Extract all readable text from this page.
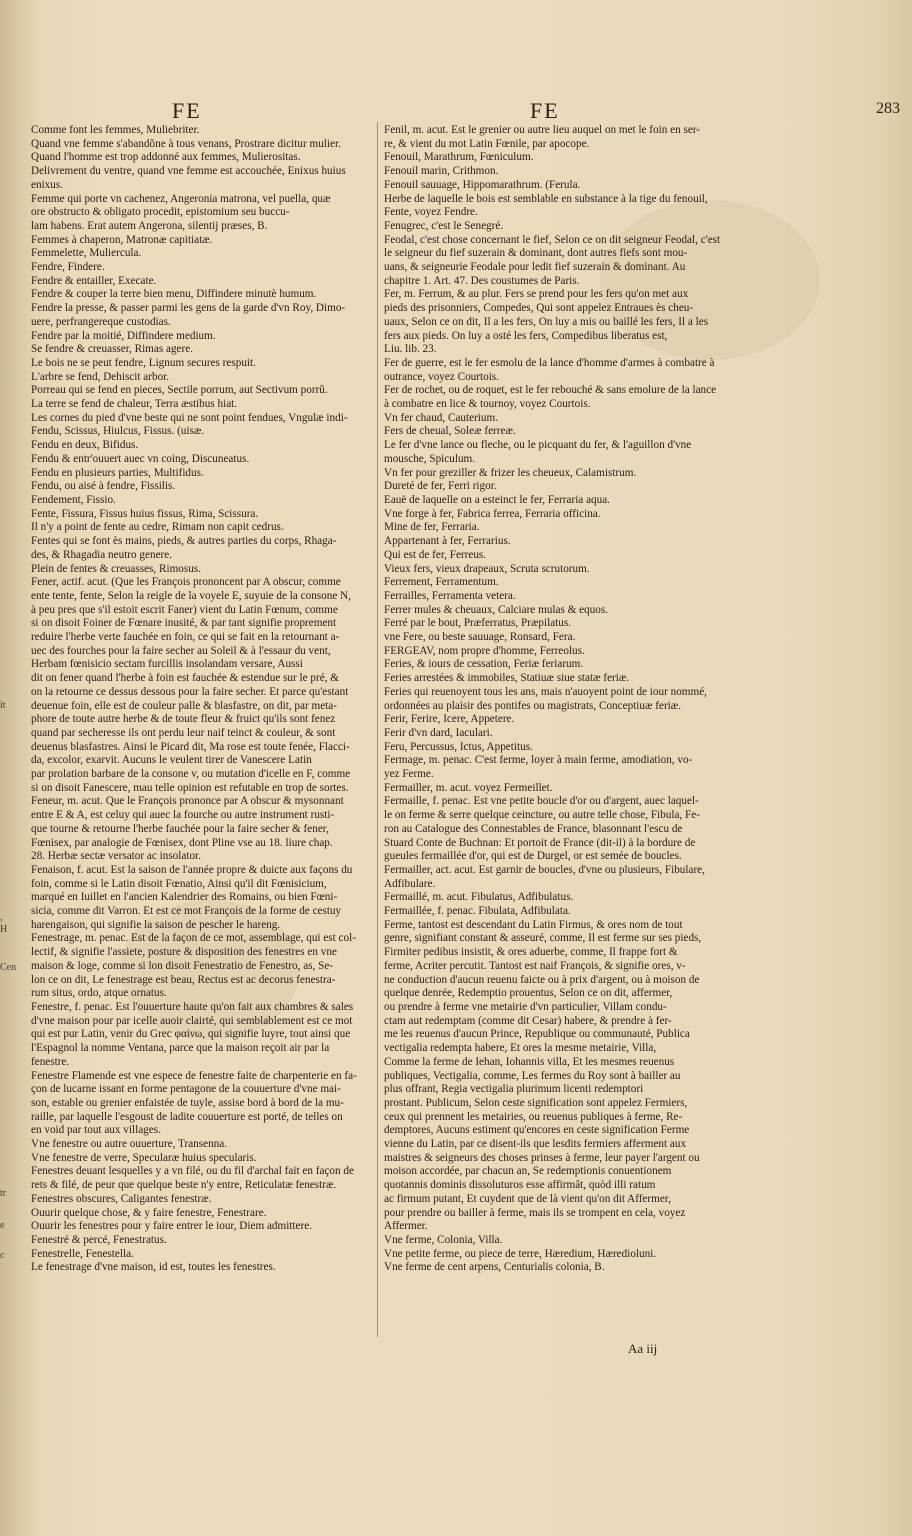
it
, H
Cen
tr
e
c
FE	FE	283
Comme font les femmes, Muliebriter.
Quand vne femme s'abandõne à tous venans, Prostrare dicitur mulier.
Quand l'homme est trop addonné aux femmes, Mulierositas.
Delivrement du ventre, quand vne femme est accouchée, Enixus huius
enixus.
Femme qui porte vn cachenez, Angeronia matrona, vel puella, quæ
ore obstructo & obligato procedit, epistomium seu buccu-
lam habens. Erat autem Angerona, silentij præses, B.
Femmes à chaperon, Matronæ capitiatæ.
Femmelette, Muliercula.
Fendre, Findere.
Fendre & entailler, Execate.
Fendre & couper la terre bien menu, Diffindere minutè humum.
Fendre la presse, & passer parmi les gens de la garde d'vn Roy, Dimo-
uere, perfrangereque custodias.
Fendre par la moitié, Diffindere medium.
Se fendre & creuasser, Rimas agere.
Le bois ne se peut fendre, Lignum secures respuit.
L'arbre se fend, Dehiscit arbor.
Porreau qui se fend en pieces, Sectile porrum, aut Sectivum porrũ.
La terre se fend de chaleur, Terra æstibus hiat.
Les cornes du pied d'vne beste qui ne sont point fendues, Vngulæ indi-
Fendu, Scissus, Hiulcus, Fissus. (uisæ.
Fendu en deux, Bifidus.
Fendu & entr'ouuert auec vn coing, Discuneatus.
Fendu en plusieurs parties, Multifidus.
Fendu, ou aisé à fendre, Fissilis.
Fendement, Fissio.
Fente, Fissura, Fissus huius fissus, Rima, Scissura.
Il n'y a point de fente au cedre, Rimam non capit cedrus.
Fentes qui se font ès mains, pieds, & autres parties du corps, Rhaga-
des, & Rhagadia neutro genere.
Plein de fentes & creuasses, Rimosus.
Fener, actif. acut. (Que les François prononcent par A obscur, comme
ente tente, fente, Selon la reigle de la voyele E, suyuie de la consone N,
à peu pres que s'il estoit escrit Faner) vient du Latin Fœnum, comme
si on disoit Foiner de Fœnare inusité, & par tant signifie proprement
reduire l'herbe verte fauchée en foin, ce qui se fait en la retournant a-
uec des fourches pour la faire secher au Soleil & à l'essaur du vent,
Herbam fœnisicio sectam furcillis insolandam versare, Aussi
dit on fener quand l'herbe à foin est fauchée & estendue sur le pré, &
on la retourne ce dessus dessous pour la faire secher. Et parce qu'estant
deuenue foin, elle est de couleur palle & blasfastre, on dit, par meta-
phore de toute autre herbe & de toute fleur & fruict qu'ils sont fenez
quand par secheresse ils ont perdu leur naif teinct & couleur, & sont
deuenus blasfastres. Ainsi le Picard dit, Ma rose est toute fenée, Flacci-
da, excolor, exarvit. Aucuns le veulent tirer de Vanescere Latin
par prolation barbare de la consone v, ou mutation d'icelle en F, comme
si on disoit Fanescere, mau telle opinion est refutable en trop de sortes.
Feneur, m. acut. Que le François prononce par A obscur & mysonnant
entre E & A, est celuy qui auec la fourche ou autre instrument rusti-
que tourne & retourne l'herbe fauchée pour la faire secher & fener,
Fœnisex, par analogie de Fœnisex, dont Pline vse au 18. liure chap.
28. Herbæ sectæ versator ac insolator.
Fenaison, f. acut. Est la saison de l'année propre & duicte aux façons du
foin, comme si le Latin disoit Fœnatio, Ainsi qu'il dit Fœnisicium,
marqué en Iuillet en l'ancien Kalendrier des Romains, ou bien Fœni-
sicia, comme dit Varron. Et est ce mot François de la forme de cestuy
harengaison, qui signifie la saison de pescher le hareng.
Fenestrage, m. penac. Est de la façon de ce mot, assemblage, qui est col-
lectif, & signifie l'assiete, posture & disposition des fenestres en vne
maison & loge, comme si lon disoit Fenestratio de Fenestro, as, Se-
lon ce on dit, Le fenestrage est beau, Rectus est ac decorus fenestra-
rum situs, ordo, atque ornatus.
Fenestre, f. penac. Est l'ouuerture haute qu'on fait aux chambres & sales
d'vne maison pour par icelle auoir clairté, qui semblablement est ce mot
qui est pur Latin, venir du Grec φαίνω, qui signifie luyre, tout ainsi que
l'Espagnol la nomme Ventana, parce que la maison reçoit air par la
fenestre.
Fenestre Flamende est vne espece de fenestre faite de charpenterie en fa-
çon de lucarne issant en forme pentagone de la couuerture d'vne mai-
son, estable ou grenier enfaistée de tuyle, assise bord à bord de la mu-
raille, par laquelle l'esgoust de ladite couuerture est porté, de telles on
en void par tout aux villages.
Vne fenestre ou autre ouuerture, Transenna.
Vne fenestre de verre, Specularæ huius specularis.
Fenestres deuant lesquelles y a vn filé, ou du fil d'archal fait en façon de
rets & filé, de peur que quelque beste n'y entre, Reticulatæ fenestræ.
Fenestres obscures, Caligantes fenestræ.
Ouurir quelque chose, & y faire fenestre, Fenestrare.
Ouurir les fenestres pour y faire entrer le iour, Diem admittere.
Fenestré & percé, Fenestratus.
Fenestrelle, Fenestella.
Le fenestrage d'vne maison, id est, toutes les fenestres.
Fenil, m. acut. Est le grenier ou autre lieu auquel on met le foin en ser-
re, & vient du mot Latin Fœnile, par apocope.
Fenouil, Marathrum, Fœniculum.
Fenouil marin, Crithmon.
Fenouil sauuage, Hippomarathrum. (Ferula.
Herbe de laquelle le bois est semblable en substance à la tige du fenouil,
Fente, voyez Fendre.
Fenugrec, c'est le Senegré.
Feodal, c'est chose concernant le fief, Selon ce on dit seigneur Feodal, c'est
le seigneur du fief suzerain & dominant, dont autres fiefs sont mou-
uans, & seigneurie Feodale pour ledit fief suzerain & dominant. Au
chapitre 1. Art. 47. Des coustumes de Paris.
Fer, m. Ferrum, & au plur. Fers se prend pour les fers qu'on met aux
pieds des prisonniers, Compedes, Qui sont appelez Entraues ès cheu-
uaux, Selon ce on dit, Il a les fers, On luy a mis ou baillé les fers, Il a les
fers aux pieds. On luy a osté les fers, Compedibus liberatus est,
Liu. lib. 23.
Fer de guerre, est le fer esmolu de la lance d'homme d'armes à combatre à
outrance, voyez Courtois.
Fer de rochet, ou de roquet, est le fer rebouché & sans emolure de la lance
à combatre en lice & tournoy, voyez Courtois.
Vn fer chaud, Cauterium.
Fers de cheual, Soleæ ferreæ.
Le fer d'vne lance ou fleche, ou le picquant du fer, & l'aguillon d'vne
mousche, Spiculum.
Vn fer pour greziller & frizer les cheueux, Calamistrum.
Dureté de fer, Ferri rigor.
Eauë de laquelle on a esteinct le fer, Ferraria aqua.
Vne forge à fer, Fabrica ferrea, Ferraria officina.
Mine de fer, Ferraria.
Appartenant à fer, Ferrarius.
Qui est de fer, Ferreus.
Vieux fers, vieux drapeaux, Scruta scrutorum.
Ferrement, Ferramentum.
Ferrailles, Ferramenta vetera.
Ferrer mules & cheuaux, Calciare mulas & equos.
Ferré par le bout, Præferratus, Præpilatus.
vne Fere, ou beste sauuage, Ronsard, Fera.
FERGEAV, nom propre d'homme, Ferreolus.
Feries, & iours de cessation, Feriæ feriarum.
Feries arrestées & immobiles, Statiuæ siue statæ feriæ.
Feries qui reuenoyent tous les ans, mais n'auoyent point de iour nommé,
ordonnées au plaisir des pontifes ou magistrats, Conceptiuæ feriæ.
Ferir, Ferire, Icere, Appetere.
Ferir d'vn dard, Iaculari.
Feru, Percussus, Ictus, Appetitus.
Fermage, m. penac. C'est ferme, loyer à main ferme, amodiation, vo-
yez Ferme.
Fermailler, m. acut. voyez Fermeillet.
Fermaille, f. penac. Est vne petite boucle d'or ou d'argent, auec laquel-
le on ferme & serre quelque ceincture, ou autre telle chose, Fibula, Fe-
ron au Catalogue des Connestables de France, blasonnant l'escu de
Stuard Conte de Buchnan: Et portoit de France (dit-il) à la bordure de
gueules fermaillée d'or, qui est de Durgel, or est semée de boucles.
Fermailler, act. acut. Est garnir de boucles, d'vne ou plusieurs, Fibulare,
Adfibulare.
Fermaillé, m. acut. Fibulatus, Adfibulatus.
Fermaillée, f. penac. Fibulata, Adfibulata.
Ferme, tantost est descendant du Latin Firmus, & ores nom de tout
genre, signifiant constant & asseuré, comme, Il est ferme sur ses pieds,
Firmiter pedibus insistit, & ores aduerbe, comme, Il frappe fort &
ferme, Acriter percutit. Tantost est naif François, & signifie ores, v-
ne conduction d'aucun reuenu faicte ou à prix d'argent, ou à moison de
quelque denrée, Redemptio prouentus, Selon ce on dit, affermer,
ou prendre à ferme vne metairie d'vn particulier, Villam condu-
ctam aut redemptam (comme dit Cesar) habere, & prendre à fer-
me les reuenus d'aucun Prince, Republique ou communauté, Publica
vectigalia redempta habere, Et ores la mesme metairie, Villa,
Comme la ferme de Iehan, Iohannis villa, Et les mesmes reuenus
publiques, Vectigalia, comme, Les fermes du Roy sont à bailler au
plus offrant, Regia vectigalia plurimum licenti redemptori
prostant. Publicum, Selon ceste signification sont appelez Fermiers,
ceux qui prennent les metairies, ou reuenus publiques à ferme, Re-
demptores, Aucuns estiment qu'encores en ceste signification Ferme
vienne du Latin, par ce disent-ils que lesdits fermiers afferment aux
maistres & seigneurs des choses prinses à ferme, leur payer l'argent ou
moison accordée, par chacun an, Se redemptionis conuentionem
quotannis dominis dissoluturos esse affirmât, quòd illi ratum
ac firmum putant, Et cuydent que de là vient qu'on dit Affermer,
pour prendre ou bailler à ferme, mais ils se trompent en cela, voyez
Affermer.
Vne ferme, Colonia, Villa.
Vne petite ferme, ou piece de terre, Hæredium, Hæredioluni.
Vne ferme de cent arpens, Centurialis colonia, B.
Aa iij
